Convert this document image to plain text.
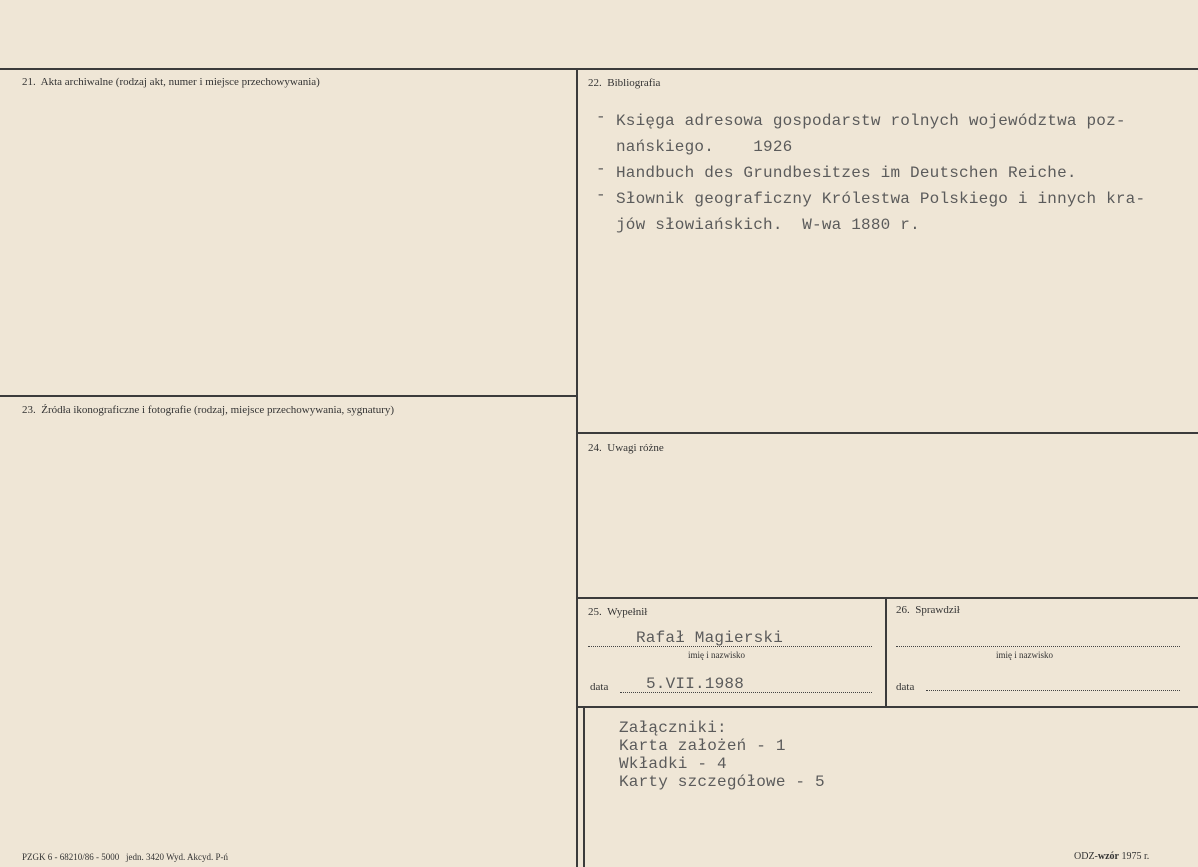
21. Akta archiwalne (rodzaj akt, numer i miejsce przechowywania)	22. Bibliografia

-

Księga adresowa gospodarstw rolnych województwa poz-
nańskiego. 1926

-

Handbuch des Grundbesitzes im Deutschen Reiche.

-

Słownik geograficzny Królestwa Polskiego i innych kra-
jów słowiańskich. W-wa 1880 r.

23. Źródła ikonograficzne i fotografie (rodzaj, miejsce przechowywania, sygnatury)
24. Uwagi różne
25. Wypełnił
Rafał Magierski
imię i nazwisko
data 5.VII.1988
26. Sprawdził
imię i nazwisko
data
Załączniki:
Karta założeń - 1
Wkładki - 4
Karty szczegółowe - 5
PZGK 6 - 68210/86 - 5000   jedn. 3420 Wyd. Akcyd. P-ń	ODZ-wzór 1975 r.
